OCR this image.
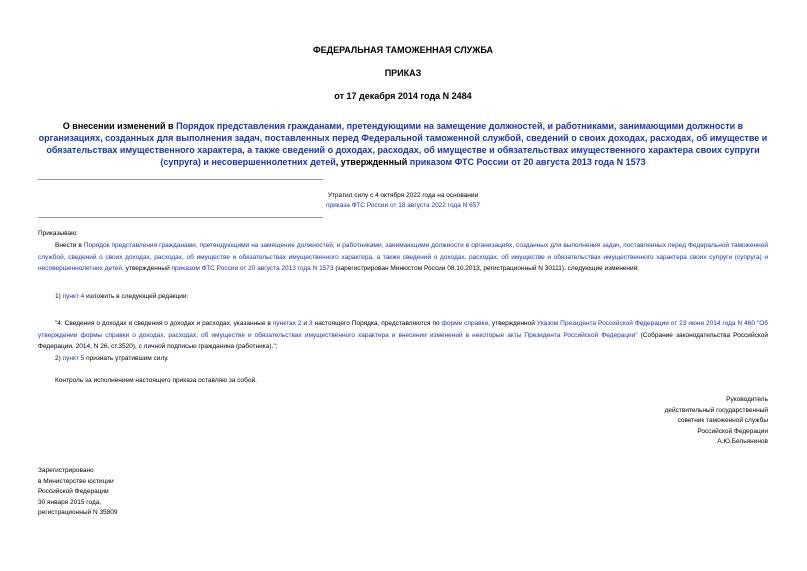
ФЕДЕРАЛЬНАЯ ТАМОЖЕННАЯ СЛУЖБА
ПРИКАЗ
от 17 декабря 2014 года N 2484
О внесении изменений в Порядок представления гражданами, претендующими на замещение должностей, и работниками, занимающими должности в организациях, созданных для выполнения задач, поставленных перед Федеральной таможенной службой, сведений о своих доходах, расходах, об имуществе и обязательствах имущественного характера, а также сведений о доходах, расходах, об имуществе и обязательствах имущественного характера своих супруги (супруга) и несовершеннолетних детей, утвержденный приказом ФТС России от 20 августа 2013 года N 1573
Утратил силу с 4 октября 2022 года на основании
приказа ФТС России от 18 августа 2022 года N 657
Приказываю:
Внести в Порядок представления гражданами, претендующими на замещение должностей, и работниками, занимающими должности в организациях, созданных для выполнения задач, поставленных перед Федеральной таможенной службой, сведений о своих доходах, расходах, об имуществе и обязательствах имущественного характера, а также сведений о доходах, расходах, об имуществе и обязательствах имущественного характера своих супруги (супруга) и несовершеннолетних детей, утвержденный приказом ФТС России от 20 августа 2013 года N 1573 (зарегистрирован Минюстом России 08.10.2013, регистрационный N 30111), следующие изменения:
1) пункт 4 изложить в следующей редакции:
"4. Сведения о доходах и сведения о доходах и расходах, указанные в пунктах 2 и 3 настоящего Порядка, представляются по форме справки, утвержденной Указом Президента Российской Федерации от 23 июня 2014 года N 460 "Об утверждении формы справки о доходах, расходах, об имуществе и обязательствах имущественного характера и внесении изменений в некоторые акты Президента Российской Федерации" (Собрание законодательства Российской Федерации, 2014, N 26, ст.3520), с личной подписью гражданина (работника).";
2) пункт 5 признать утратившим силу.
Контроль за исполнением настоящего приказа оставляю за собой.
Руководитель
действительный государственный
советник таможенной службы
Российской Федерации
А.Ю.Бельянинов
Зарегистрировано
в Министерстве юстиции
Российской Федерации
30 января 2015 года,
регистрационный N 35809
